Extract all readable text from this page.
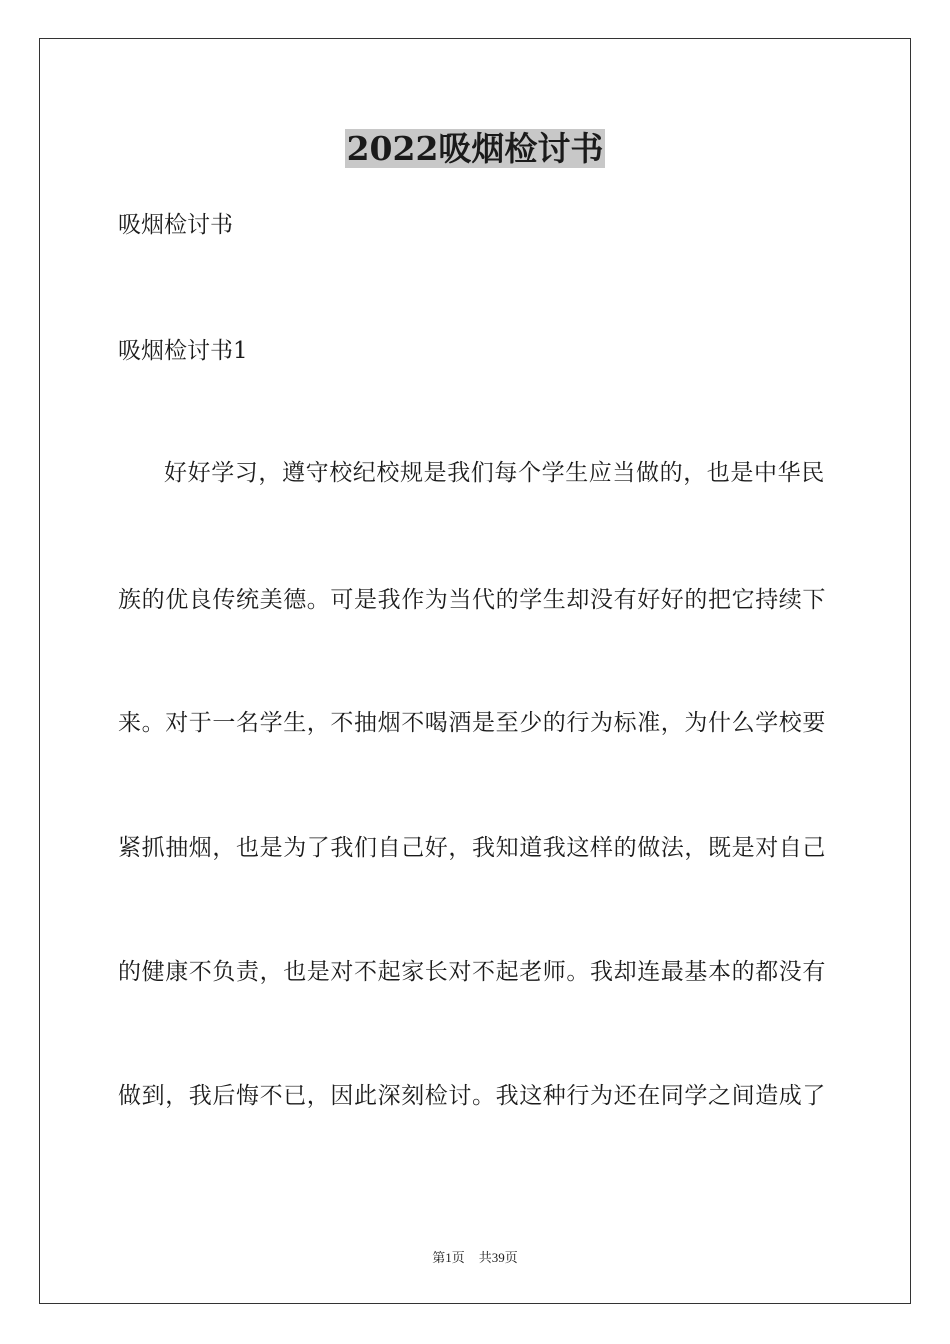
2022吸烟检讨书

吸烟检讨书

吸烟检讨书1

好好学习，遵守校纪校规是我们每个学生应当做的，也是中华民

族的优良传统美德。可是我作为当代的学生却没有好好的把它持续下

来。对于一名学生，不抽烟不喝酒是至少的行为标准，为什么学校要

紧抓抽烟，也是为了我们自己好，我知道我这样的做法，既是对自己

的健康不负责，也是对不起家长对不起老师。我却连最基本的都没有

做到，我后悔不已，因此深刻检讨。我这种行为还在同学之间造成了

第1页 共39页
